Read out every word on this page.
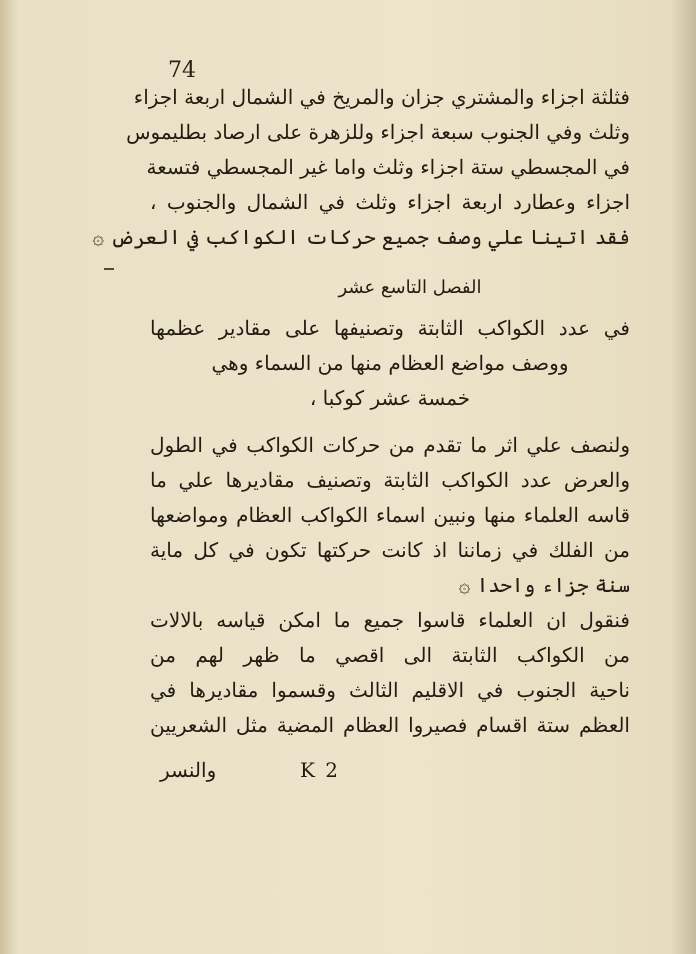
74
فثلثة اجزاء والمشتري جزان والمريخ في الشمال اربعة اجزاء
وثلث وفي الجنوب سبعة اجزاء وللزهرة على ارصاد بطليموس
في المجسطي ستة اجزاء وثلث واما غير المجسطي فتسعة
اجزاء وعطارد اربعة اجزاء وثلث في الشمال والجنوب ،
فقد اتينا علي وصف جميع حركات الكواكب في العرض ۞
الفصل التاسع عشر
في عدد الكواكب الثابتة وتصنيفها على مقادير عظمها
ووصف مواضع العظام منها من السماء وهي
خمسة عشر كوكبا ،
ولنصف علي اثر ما تقدم من حركات الكواكب في الطول
والعرض عدد الكواكب الثابتة وتصنيف مقاديرها علي ما
قاسه العلماء منها ونبين اسماء الكواكب العظام ومواضعها
من الفلك في زماننا اذ كانت حركتها تكون في كل ماية
سنة جزاء واحدا ۞
فنقول ان العلماء قاسوا جميع ما امكن قياسه بالالات
من الكواكب الثابتة الى اقصي ما ظهر لهم من
ناحية الجنوب في الاقليم الثالث وقسموا مقاديرها في
العظم ستة اقسام فصيروا العظام المضية مثل الشعريين
K 2
والنسر
